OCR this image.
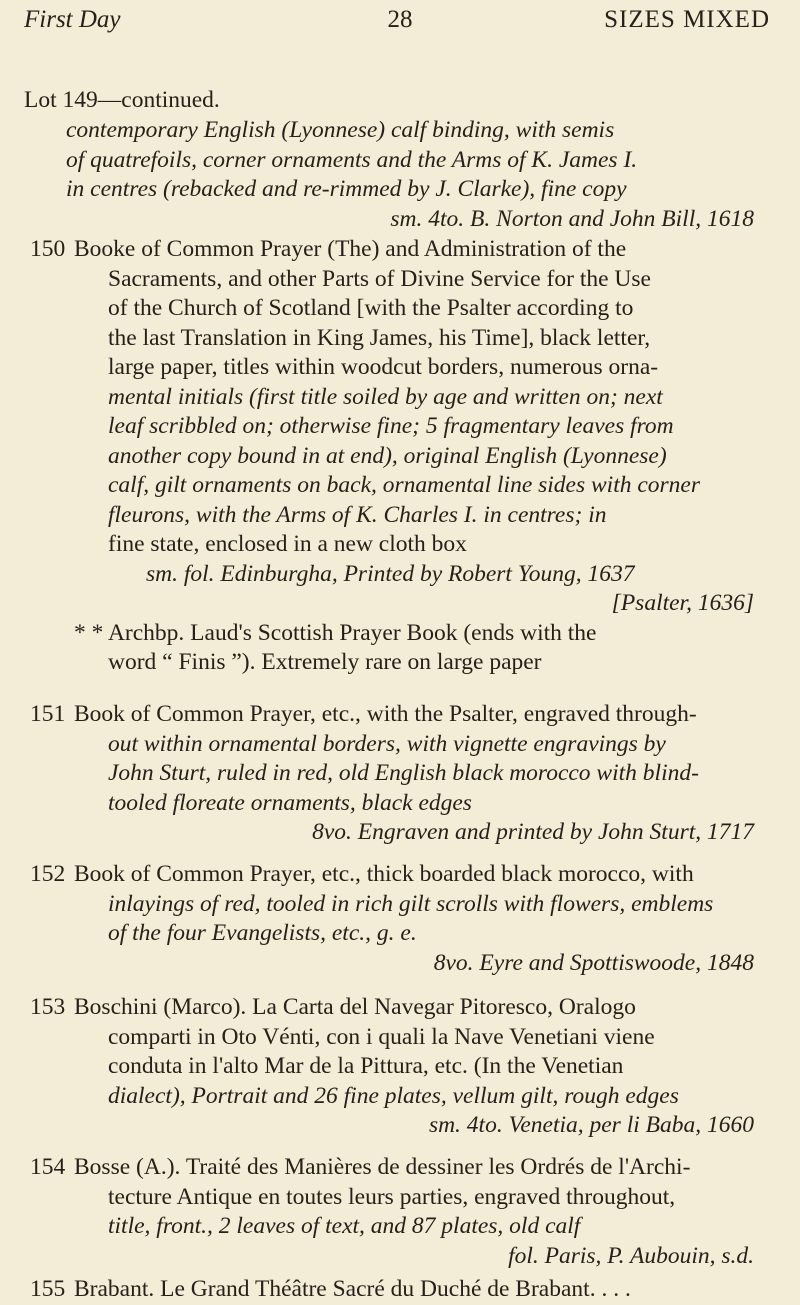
First Day	28	SIZES MIXED
Lot 149—continued.

contemporary English (Lyonnese) calf binding, with semis

of quatrefoils, corner ornaments and the Arms of K. James I.

in centres (rebacked and re-rimmed by J. Clarke), fine copy

sm. 4to. B. Norton and John Bill, 1618

150 Booke of Common Prayer (The) and Administration of the

Sacraments, and other Parts of Divine Service for the Use

of the Church of Scotland [with the Psalter according to

the last Translation in King James, his Time], black letter,

large paper, titles within woodcut borders, numerous orna-

mental initials (first title soiled by age and written on; next

leaf scribbled on; otherwise fine; 5 fragmentary leaves from

another copy bound in at end), original English (Lyonnese)

calf, gilt ornaments on back, ornamental line sides with corner

fleurons, with the Arms of K. Charles I. in centres; in

fine state, enclosed in a new cloth box

sm. fol. Edinburgha, Printed by Robert Young, 1637

[Psalter, 1636]

* * Archbp. Laud's Scottish Prayer Book (ends with the

word “ Finis ”). Extremely rare on large paper

151 Book of Common Prayer, etc., with the Psalter, engraved through-

out within ornamental borders, with vignette engravings by

John Sturt, ruled in red, old English black morocco with blind-

tooled floreate ornaments, black edges

8vo. Engraven and printed by John Sturt, 1717

152 Book of Common Prayer, etc., thick boarded black morocco, with

inlayings of red, tooled in rich gilt scrolls with flowers, emblems

of the four Evangelists, etc., g. e.

8vo. Eyre and Spottiswoode, 1848

153 Boschini (Marco). La Carta del Navegar Pitoresco, Oralogo

comparti in Oto Vénti, con i quali la Nave Venetiani viene

conduta in l'alto Mar de la Pittura, etc. (In the Venetian

dialect), Portrait and 26 fine plates, vellum gilt, rough edges

sm. 4to. Venetia, per li Baba, 1660

154 Bosse (A.). Traité des Manières de dessiner les Ordrés de l'Archi-

tecture Antique en toutes leurs parties, engraved throughout,

title, front., 2 leaves of text, and 87 plates, old calf

fol. Paris, P. Aubouin, s.d.

155 Brabant. Le Grand Théâtre Sacré du Duché de Brabant. . . .
